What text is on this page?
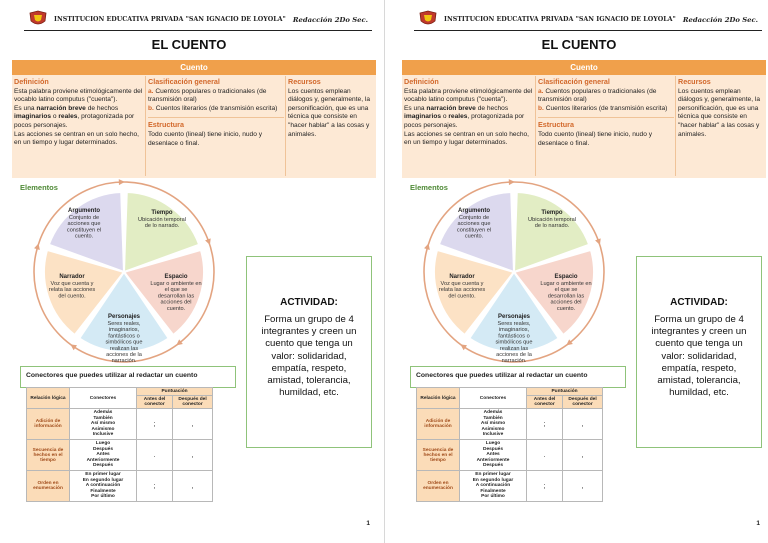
INSTITUCION EDUCATIVA PRIVADA "SAN IGNACIO DE LOYOLA" Redacción 2Do Sec.
EL CUENTO
Cuento
Definición
Esta palabra proviene etimológicamente del vocablo latino computus ("cuenta").
Es una narración breve de hechos imaginarios o reales, protagonizada por pocos personajes.
Las acciones se centran en un solo hecho, en un tiempo y lugar determinados.
Clasificación general
a. Cuentos populares o tradicionales (de transmisión oral)
b. Cuentos literarios (de transmisión escrita)
Estructura
Todo cuento (lineal) tiene inicio, nudo y desenlace o final.
Recursos
Los cuentos emplean diálogos y, generalmente, la personificación, que es una técnica que consiste en "hacer hablar" a las cosas y animales.
Argumento
Conjunto de
acciones que
constituyen el
cuento.
Tiempo
Ubicación temporal
de lo narrado.
Espacio
Lugar o ambiente en
el que se
desarrollan las
acciones del
cuento.
Personajes
Seres reales,
imaginarios,
fantásticos o
simbólicos que
realizan las
acciones de la
narración.
Narrador
Voz que cuenta y
relata las acciones
del cuento.
Elementos
ACTIVIDAD:
Forma un grupo de 4 integrantes y creen un cuento que tenga un valor: solidaridad, empatía, respeto, amistad, tolerancia, humildad, etc.
Conectores que puedes utilizar al redactar un cuento
Relación lógica	Conectores	Puntuación	
		Antes del conector	Después del conector
Adición de información	Además
También
Así mismo
Asimismo
Inclusive	;	,
Secuencia de hechos en el tiempo	Luego
Después
Antes
Anteriormente
Después	.	,
Orden en enumeración	En primer lugar
En segundo lugar
A continuación
Finalmente
Por último	;	,
1
INSTITUCION EDUCATIVA PRIVADA "SAN IGNACIO DE LOYOLA" Redacción 2Do Sec.
EL CUENTO
Cuento
Definición
Esta palabra proviene etimológicamente del vocablo latino computus ("cuenta").
Es una narración breve de hechos imaginarios o reales, protagonizada por pocos personajes.
Las acciones se centran en un solo hecho, en un tiempo y lugar determinados.
Clasificación general
a. Cuentos populares o tradicionales (de transmisión oral)
b. Cuentos literarios (de transmisión escrita)
Estructura
Todo cuento (lineal) tiene inicio, nudo y desenlace o final.
Recursos
Los cuentos emplean diálogos y, generalmente, la personificación, que es una técnica que consiste en "hacer hablar" a las cosas y animales.
Argumento
Conjunto de
acciones que
constituyen el
cuento.
Tiempo
Ubicación temporal
de lo narrado.
Espacio
Lugar o ambiente en
el que se
desarrollan las
acciones del
cuento.
Personajes
Seres reales,
imaginarios,
fantásticos o
simbólicos que
realizan las
acciones de la
narración.
Narrador
Voz que cuenta y
relata las acciones
del cuento.
Elementos
ACTIVIDAD:
Forma un grupo de 4 integrantes y creen un cuento que tenga un valor: solidaridad, empatía, respeto, amistad, tolerancia, humildad, etc.
Conectores que puedes utilizar al redactar un cuento
Relación lógica	Conectores	Puntuación	
		Antes del conector	Después del conector
Adición de información	Además
También
Así mismo
Asimismo
Inclusive	;	,
Secuencia de hechos en el tiempo	Luego
Después
Antes
Anteriormente
Después	.	,
Orden en enumeración	En primer lugar
En segundo lugar
A continuación
Finalmente
Por último	;	,
1
